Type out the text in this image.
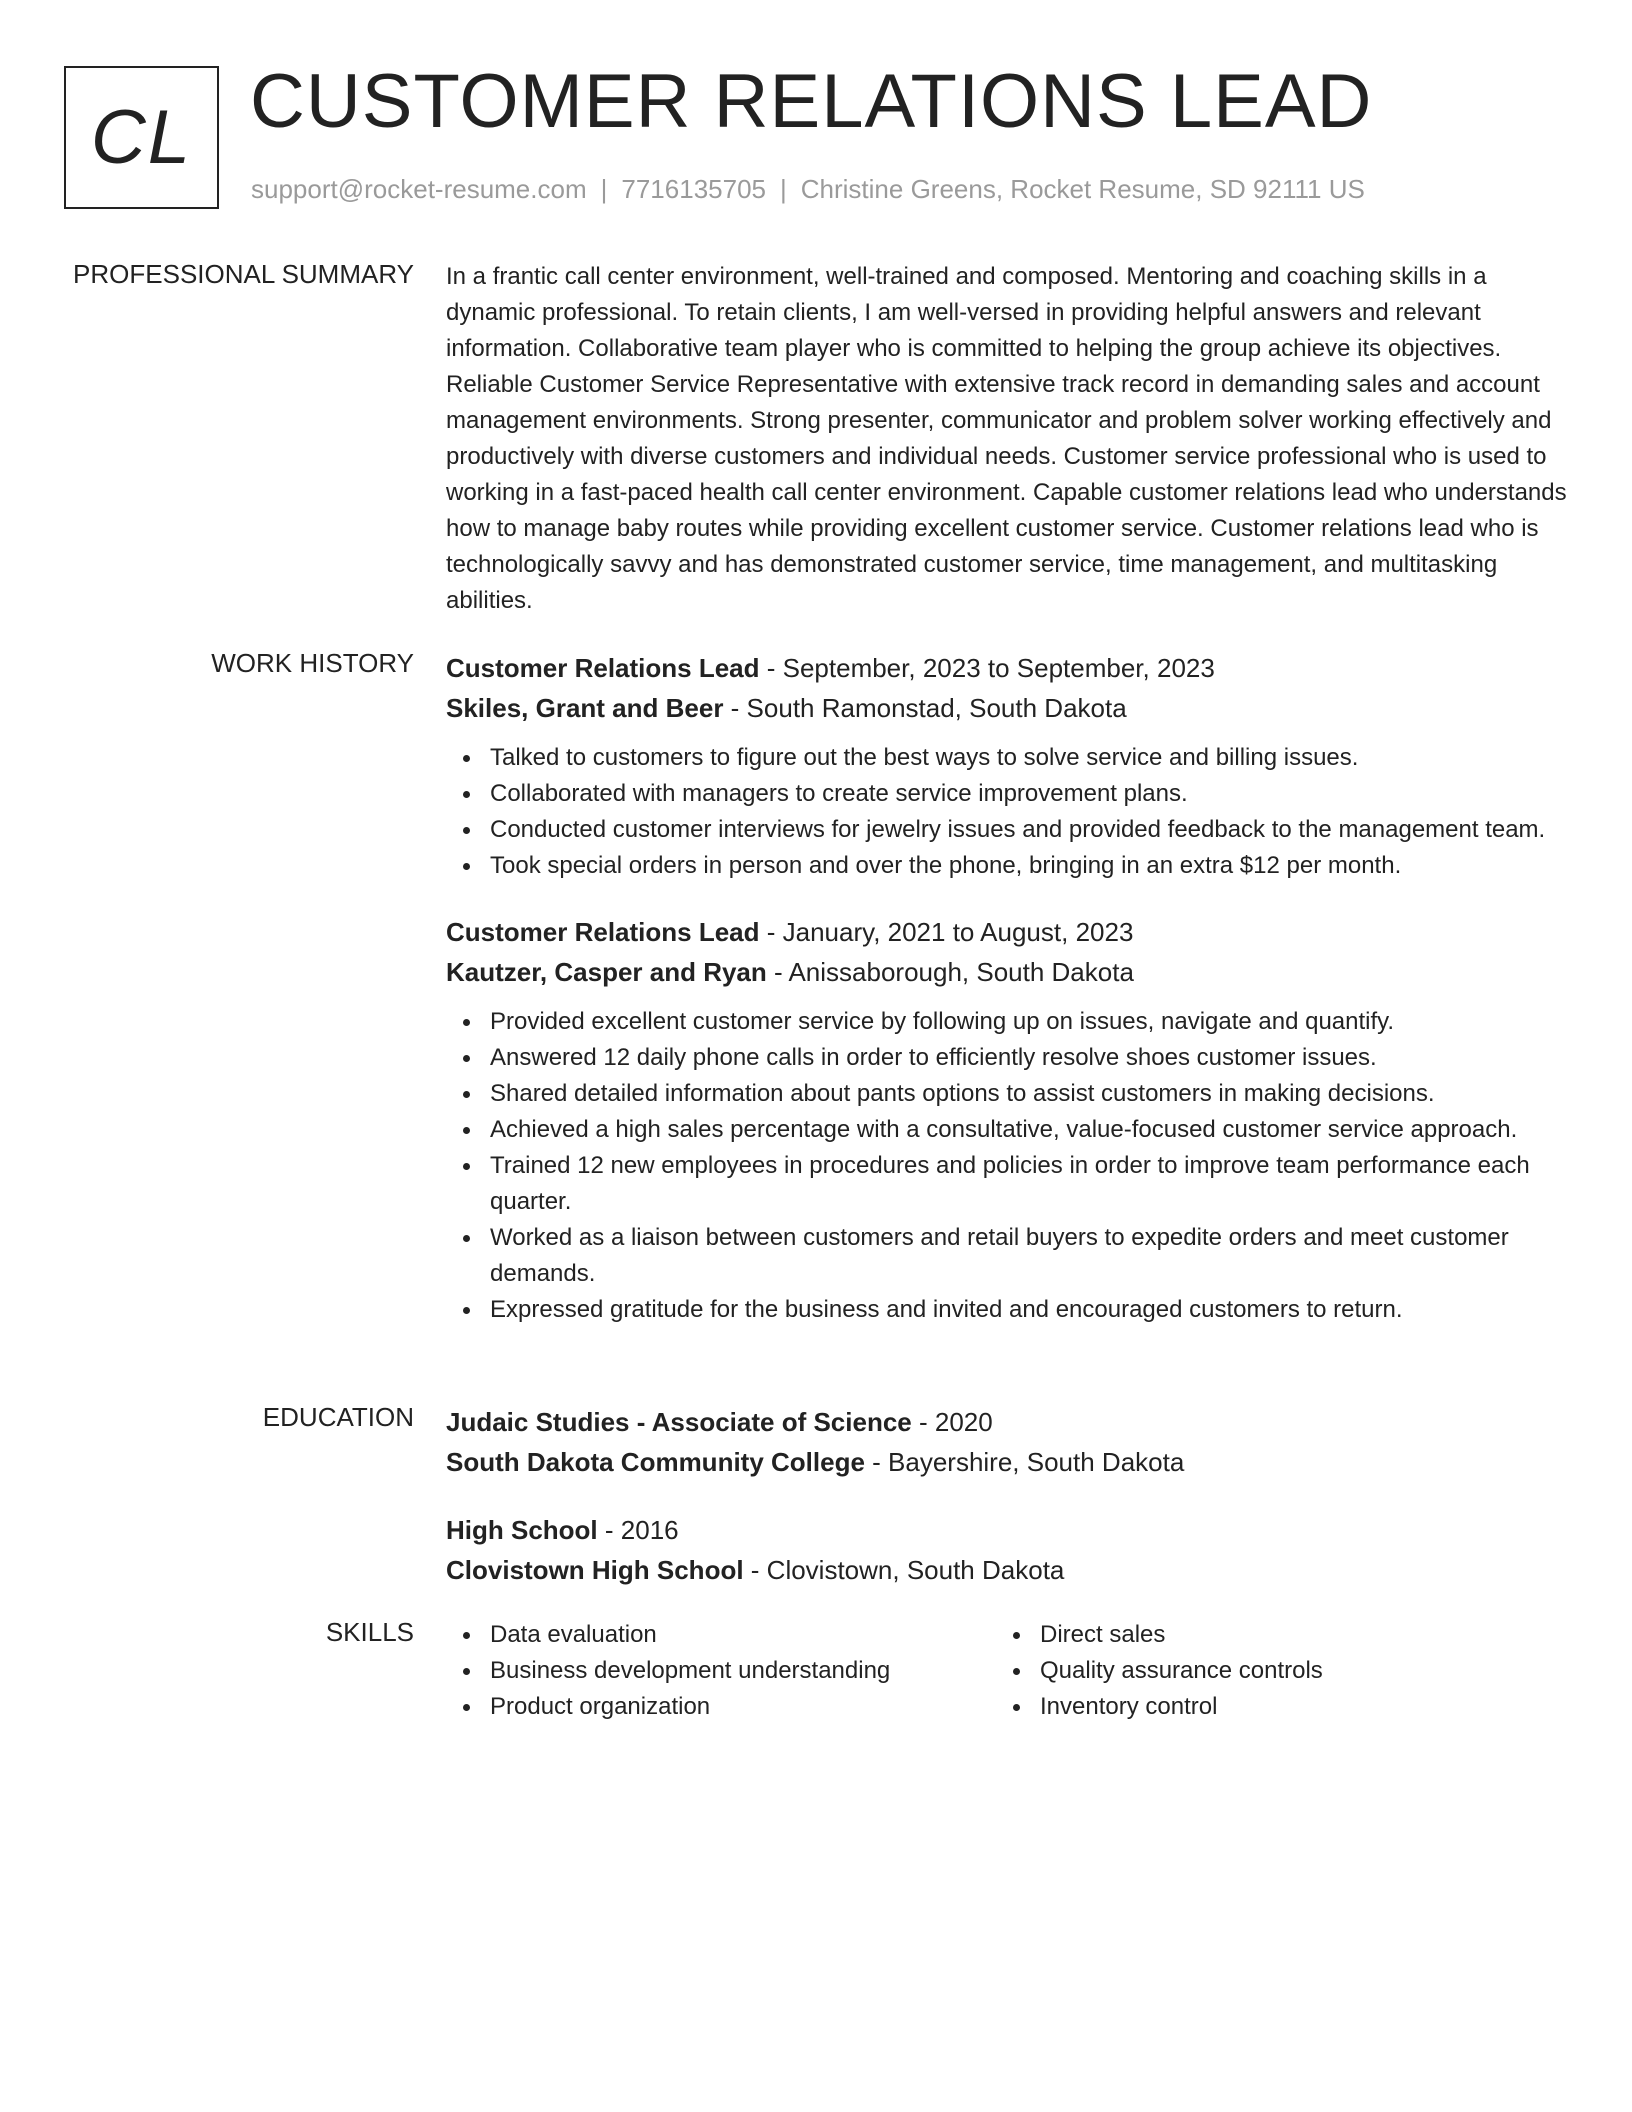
CL CUSTOMER RELATIONS LEAD
support@rocket-resume.com | 7716135705 | Christine Greens, Rocket Resume, SD 92111 US
PROFESSIONAL SUMMARY In a frantic call center environment, well-trained and composed. Mentoring and coaching skills in a dynamic professional. To retain clients, I am well-versed in providing helpful answers and relevant information. Collaborative team player who is committed to helping the group achieve its objectives. Reliable Customer Service Representative with extensive track record in demanding sales and account management environments. Strong presenter, communicator and problem solver working effectively and productively with diverse customers and individual needs. Customer service professional who is used to working in a fast-paced health call center environment. Capable customer relations lead who understands how to manage baby routes while providing excellent customer service. Customer relations lead who is technologically savvy and has demonstrated customer service, time management, and multitasking abilities.

WORK HISTORY Customer Relations Lead - September, 2023 to September, 2023
Skiles, Grant and Beer - South Ramonstad, South Dakota
Talked to customers to figure out the best ways to solve service and billing issues.
Collaborated with managers to create service improvement plans.
Conducted customer interviews for jewelry issues and provided feedback to the management team.
Took special orders in person and over the phone, bringing in an extra $12 per month.
Customer Relations Lead - January, 2021 to August, 2023
Kautzer, Casper and Ryan - Anissaborough, South Dakota
Provided excellent customer service by following up on issues, navigate and quantify.
Answered 12 daily phone calls in order to efficiently resolve shoes customer issues.
Shared detailed information about pants options to assist customers in making decisions.
Achieved a high sales percentage with a consultative, value-focused customer service approach.
Trained 12 new employees in procedures and policies in order to improve team performance each quarter.
Worked as a liaison between customers and retail buyers to expedite orders and meet customer demands.
Expressed gratitude for the business and invited and encouraged customers to return.
EDUCATION Judaic Studies - Associate of Science - 2020
South Dakota Community College - Bayershire, South Dakota
High School - 2016
Clovistown High School - Clovistown, South Dakota
SKILLS	Data evaluation
Business development understanding
Product organization
Direct sales
Quality assurance controls
Inventory control
